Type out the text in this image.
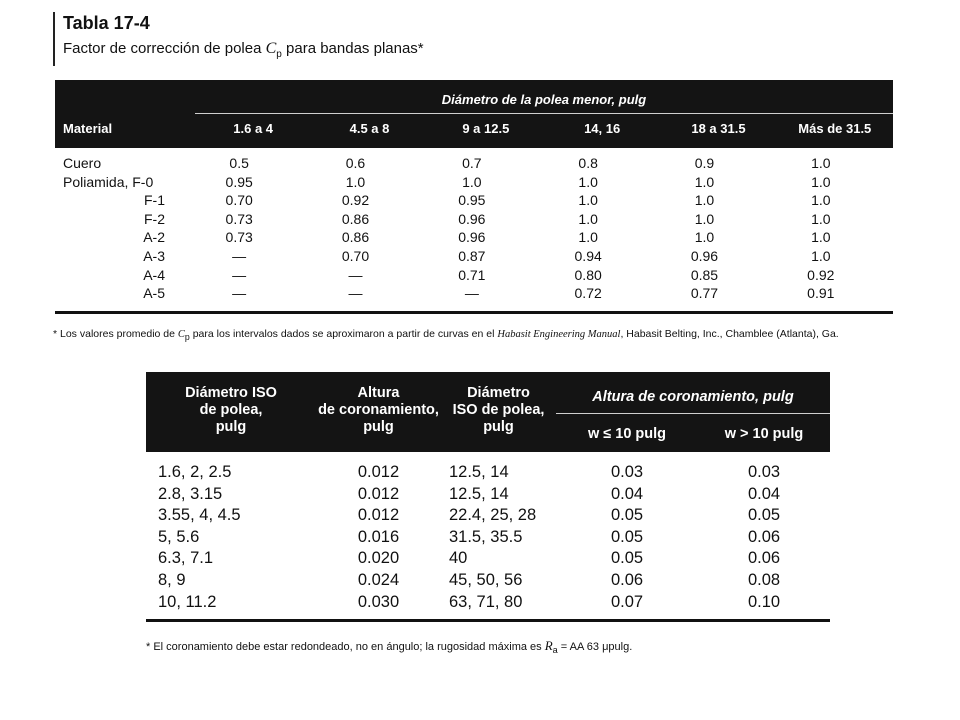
Tabla 17-4
Factor de corrección de polea $C_p$ para bandas planas*
Diámetro de la polea menor, pulg
Material	1.6 a 4	4.5 a 8	9 a 12.5	14, 16	18 a 31.5	Más de 31.5
Cuero	0.5	0.6	0.7	0.8	0.9	1.0
Poliamida, F-0	0.95	1.0	1.0	1.0	1.0	1.0
F-1	0.70	0.92	0.95	1.0	1.0	1.0
F-2	0.73	0.86	0.96	1.0	1.0	1.0
A-2	0.73	0.86	0.96	1.0	1.0	1.0
A-3	—	0.70	0.87	0.94	0.96	1.0
A-4	—	—	0.71	0.80	0.85	0.92
A-5	—	—	—	0.72	0.77	0.91
* Los valores promedio de $C_p$ para los intervalos dados se aproximaron a partir de curvas en el Habasit Engineering Manual, Habasit Belting, Inc., Chamblee (Atlanta), Ga.
Diámetro ISO
de polea,
pulg
Altura
de coronamiento,
pulg
Diámetro
ISO de polea,
pulg
Altura de coronamiento, pulg
w ≤ 10 pulg	w > 10 pulg
1.6, 2, 2.5	0.012	12.5, 14	0.03	0.03
2.8, 3.15	0.012	12.5, 14	0.04	0.04
3.55, 4, 4.5	0.012	22.4, 25, 28	0.05	0.05
5, 5.6	0.016	31.5, 35.5	0.05	0.06
6.3, 7.1	0.020	40	0.05	0.06
8, 9	0.024	45, 50, 56	0.06	0.08
10, 11.2	0.030	63, 71, 80	0.07	0.10
* El coronamiento debe estar redondeado, no en ángulo; la rugosidad máxima es $R_a$ = AA 63 μpulg.
